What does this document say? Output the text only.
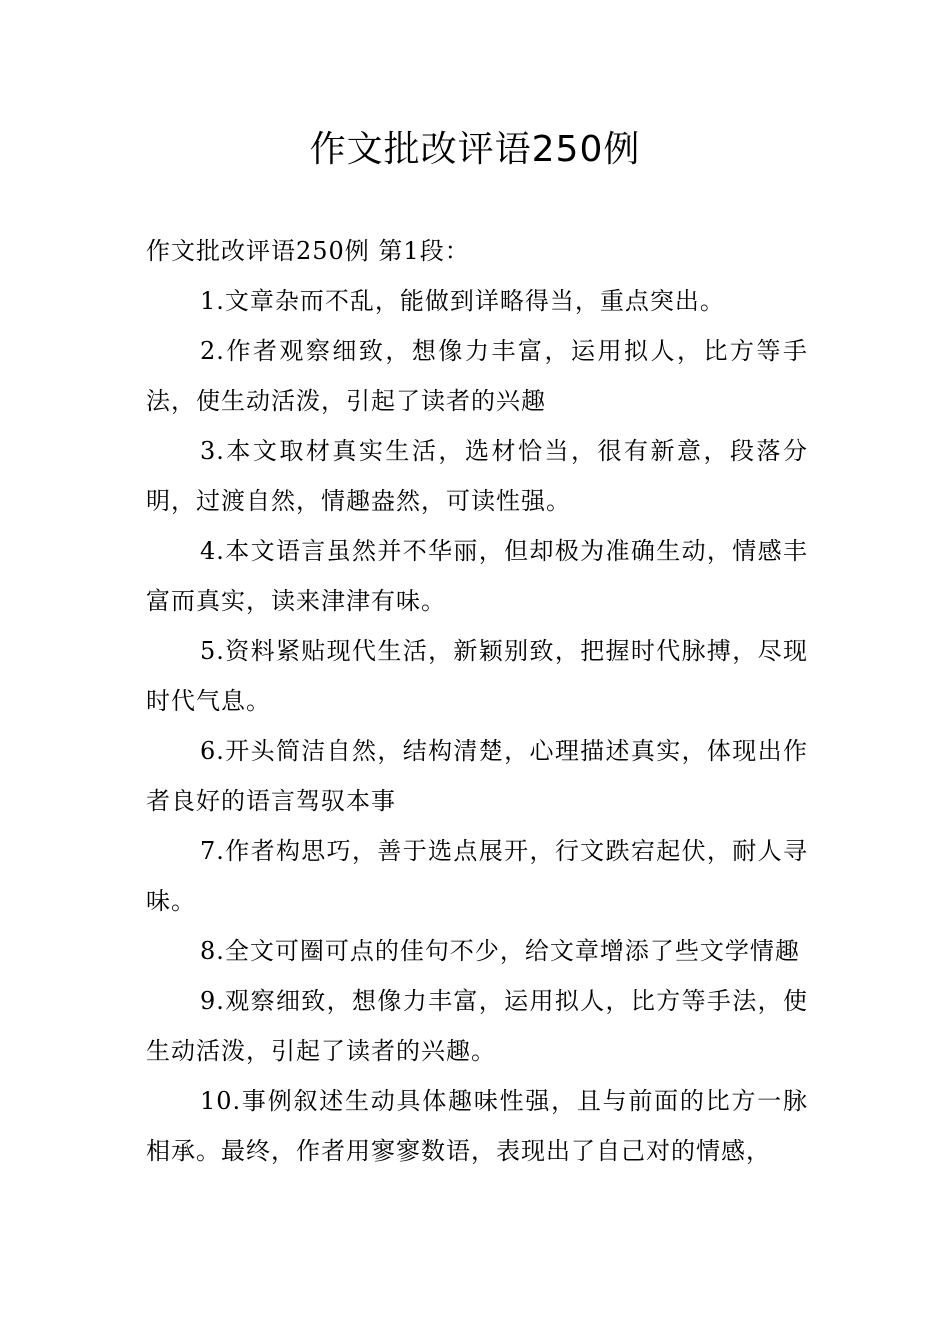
作文批改评语250例

作文批改评语250例 第1段：

1.文章杂而不乱，能做到详略得当，重点突出。

2.作者观察细致，想像力丰富，运用拟人，比方等手法，使生动活泼，引起了读者的兴趣

3.本文取材真实生活，选材恰当，很有新意，段落分明，过渡自然，情趣盎然，可读性强。

4.本文语言虽然并不华丽，但却极为准确生动，情感丰富而真实，读来津津有味。

5.资料紧贴现代生活，新颖别致，把握时代脉搏，尽现时代气息。

6.开头简洁自然，结构清楚，心理描述真实，体现出作者良好的语言驾驭本事

7.作者构思巧，善于选点展开，行文跌宕起伏，耐人寻味。

8.全文可圈可点的佳句不少，给文章增添了些文学情趣

9.观察细致，想像力丰富，运用拟人，比方等手法，使生动活泼，引起了读者的兴趣。

10.事例叙述生动具体趣味性强，且与前面的比方一脉相承。最终，作者用寥寥数语，表现出了自己对的情感，
